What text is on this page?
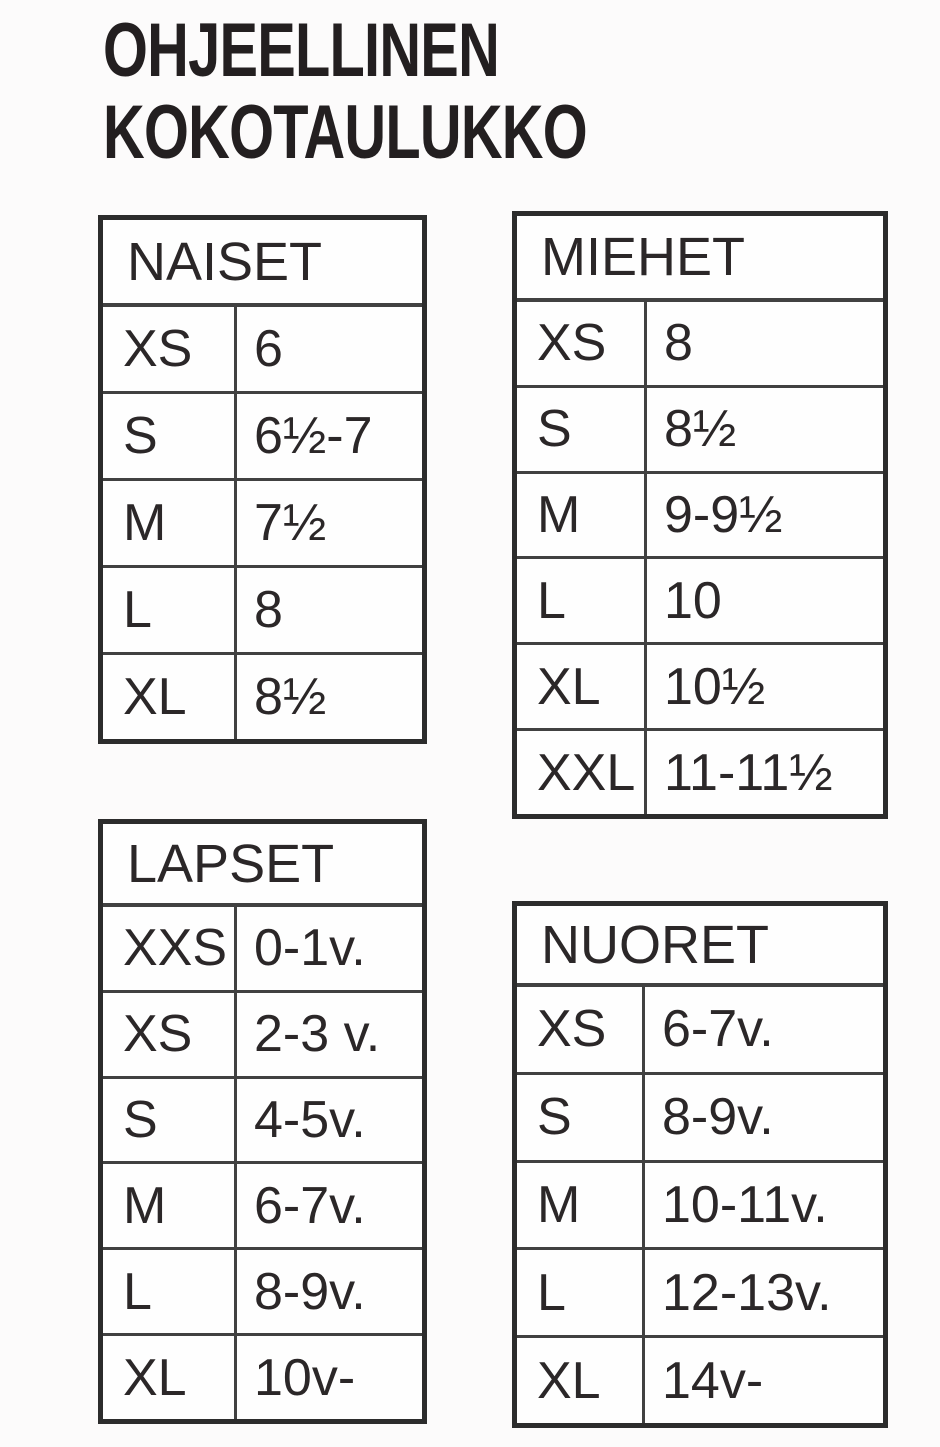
OHJEELLINEN
KOKOTAULUKKO
NAISET
XS	6
S	6½-7
M	7½
L	8
XL	8½
MIEHET
XS	8
S	8½
M	9-9½
L	10
XL	10½
XXL 11-11½
LAPSET
XXS 0-1v.
XS	2-3 v.
S	4-5v.
M	6-7v.
L	8-9v.
XL	10v-
NUORET
XS	6-7v.
S	8-9v.
M	10-11v.
L	12-13v.
XL	14v-
